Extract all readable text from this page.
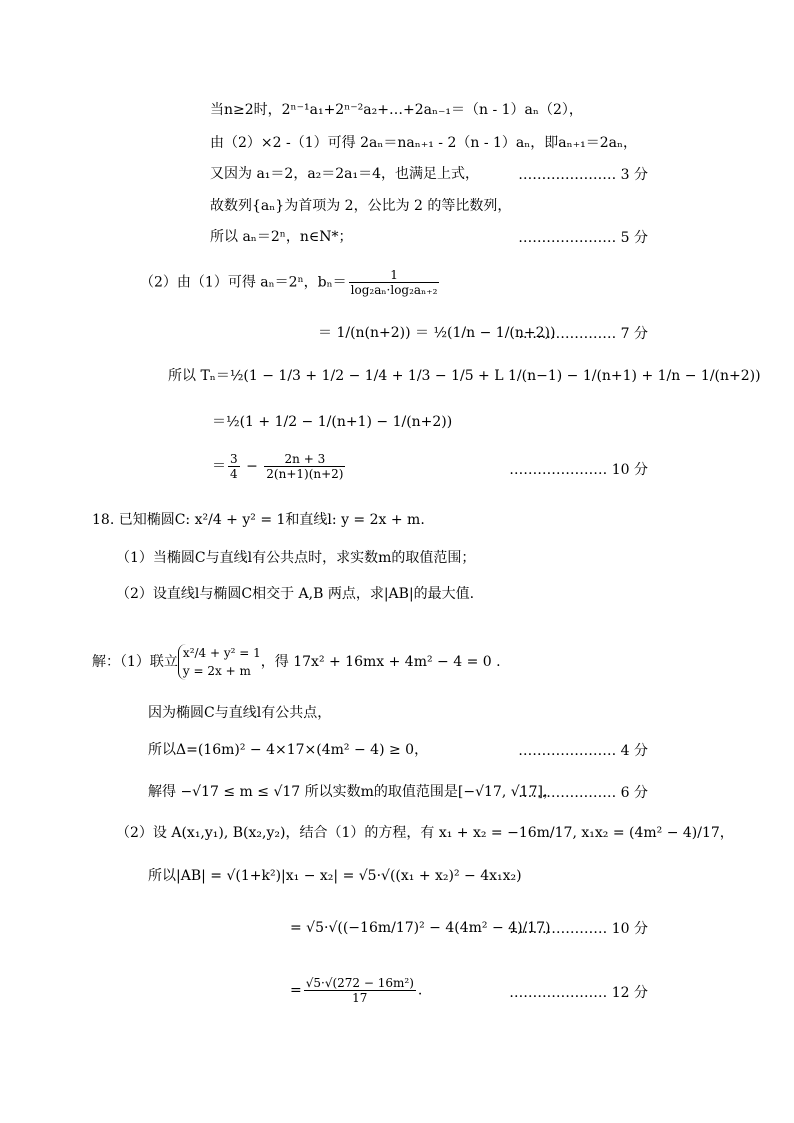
当n≥2时，2ⁿ⁻¹a₁+2ⁿ⁻²a₂+…+2aₙ₋₁＝（n - 1）aₙ（2），
由（2）×2 -（1）可得 2aₙ＝naₙ₊₁ - 2（n - 1）aₙ，即aₙ₊₁＝2aₙ，
又因为 a₁＝2，a₂＝2a₁＝4，也满足上式，	………………… 3 分
故数列{aₙ}为首项为 2，公比为 2 的等比数列，
所以 aₙ＝2ⁿ，n∈N*；	………………… 5 分
（2）由（1）可得 aₙ＝2ⁿ，$b_n= \frac{1}{\text{log₂aₙ·log₂aₙ₊₂}}$
＝ 1/(n(n+2)) ＝ ½(1/n − 1/(n+2))
………………… 7 分
所以 Tₙ＝½(1 − 1/3 + 1/2 − 1/4 + 1/3 − 1/5 + L 1/(n−1) − 1/(n+1) + 1/n − 1/(n+2))
＝½(1 + 1/2 − 1/(n+1) − 1/(n+2))
＝ $\frac{3}{4} - \frac{2n + 3}{2(n+1)(n+2)}$	………………… 10 分
18. 已知椭圆C: x²/4 + y² = 1和直线l: y = 2x + m.
（1）当椭圆C与直线l有公共点时，求实数m的取值范围；
（2）设直线l与椭圆C相交于 A,B 两点，求|AB|的最大值.
解：（1）联立
x²/4 + y² = 1
y = 2x + m
，得 17x² + 16mx + 4m² − 4 = 0 .
因为椭圆C与直线l有公共点，
所以Δ=(16m)² − 4×17×(4m² − 4) ≥ 0，	………………… 4 分
解得 −√17 ≤ m ≤ √17 所以实数m的取值范围是[−√17, √17]，
………………… 6 分
（2）设 A(x₁,y₁), B(x₂,y₂)，结合（1）的方程，有 x₁ + x₂ = −16m/17, x₁x₂ = (4m² − 4)/17，
所以|AB| = √(1+k²)|x₁ − x₂| = √5·√((x₁ + x₂)² − 4x₁x₂)
= √5·√((−16m/17)² − 4(4m² − 4)/17)
………………… 10 分
= $\frac{\text{√5·√(272 − 16m²)}}{17}$ .	………………… 12 分
